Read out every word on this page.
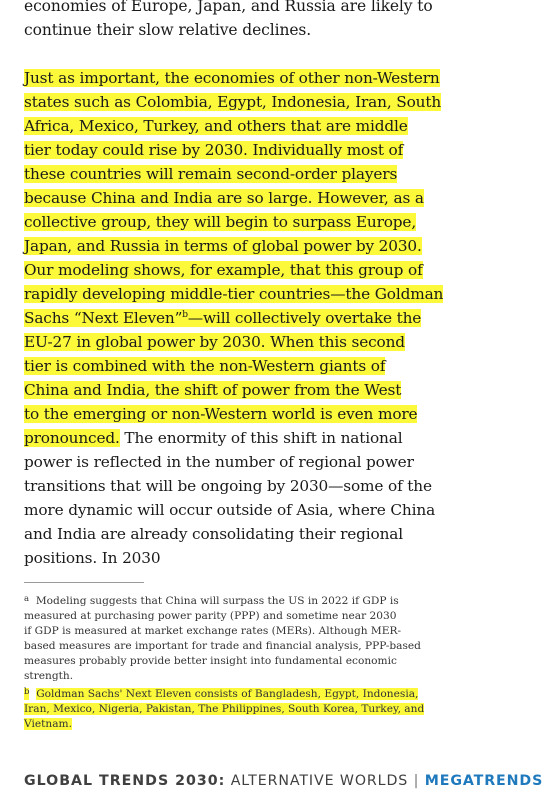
economies of Europe, Japan, and Russia are likely to
continue their slow relative declines.
Just as important, the economies of other non-Western
states such as Colombia, Egypt, Indonesia, Iran, South
Africa, Mexico, Turkey, and others that are middle
tier today could rise by 2030. Individually most of
these countries will remain second-order players
because China and India are so large. However, as a
collective group, they will begin to surpass Europe,
Japan, and Russia in terms of global power by 2030.
Our modeling shows, for example, that this group of
rapidly developing middle-tier countries—the Goldman
Sachs “Next Eleven”$^b$—will collectively overtake the
EU-27 in global power by 2030. When this second
tier is combined with the non-Western giants of
China and India, the shift of power from the West
to the emerging or non-Western world is even more
pronounced. The enormity of this shift in national
power is reflected in the number of regional power
transitions that will be ongoing by 2030—some of the
more dynamic will occur outside of Asia, where China
and India are already consolidating their regional
positions. In 2030
$^a$ Modeling suggests that China will surpass the US in 2022 if GDP is
measured at purchasing power parity (PPP) and sometime near 2030
if GDP is measured at market exchange rates (MERs). Although MER-
based measures are important for trade and financial analysis, PPP-based
measures probably provide better insight into fundamental economic
strength.
$^b$ Goldman Sachs' Next Eleven consists of Bangladesh, Egypt, Indonesia,
Iran, Mexico, Nigeria, Pakistan, The Philippines, South Korea, Turkey, and
Vietnam.
GLOBAL TRENDS 2030: ALTERNATIVE WORLDS | MEGATRENDS
